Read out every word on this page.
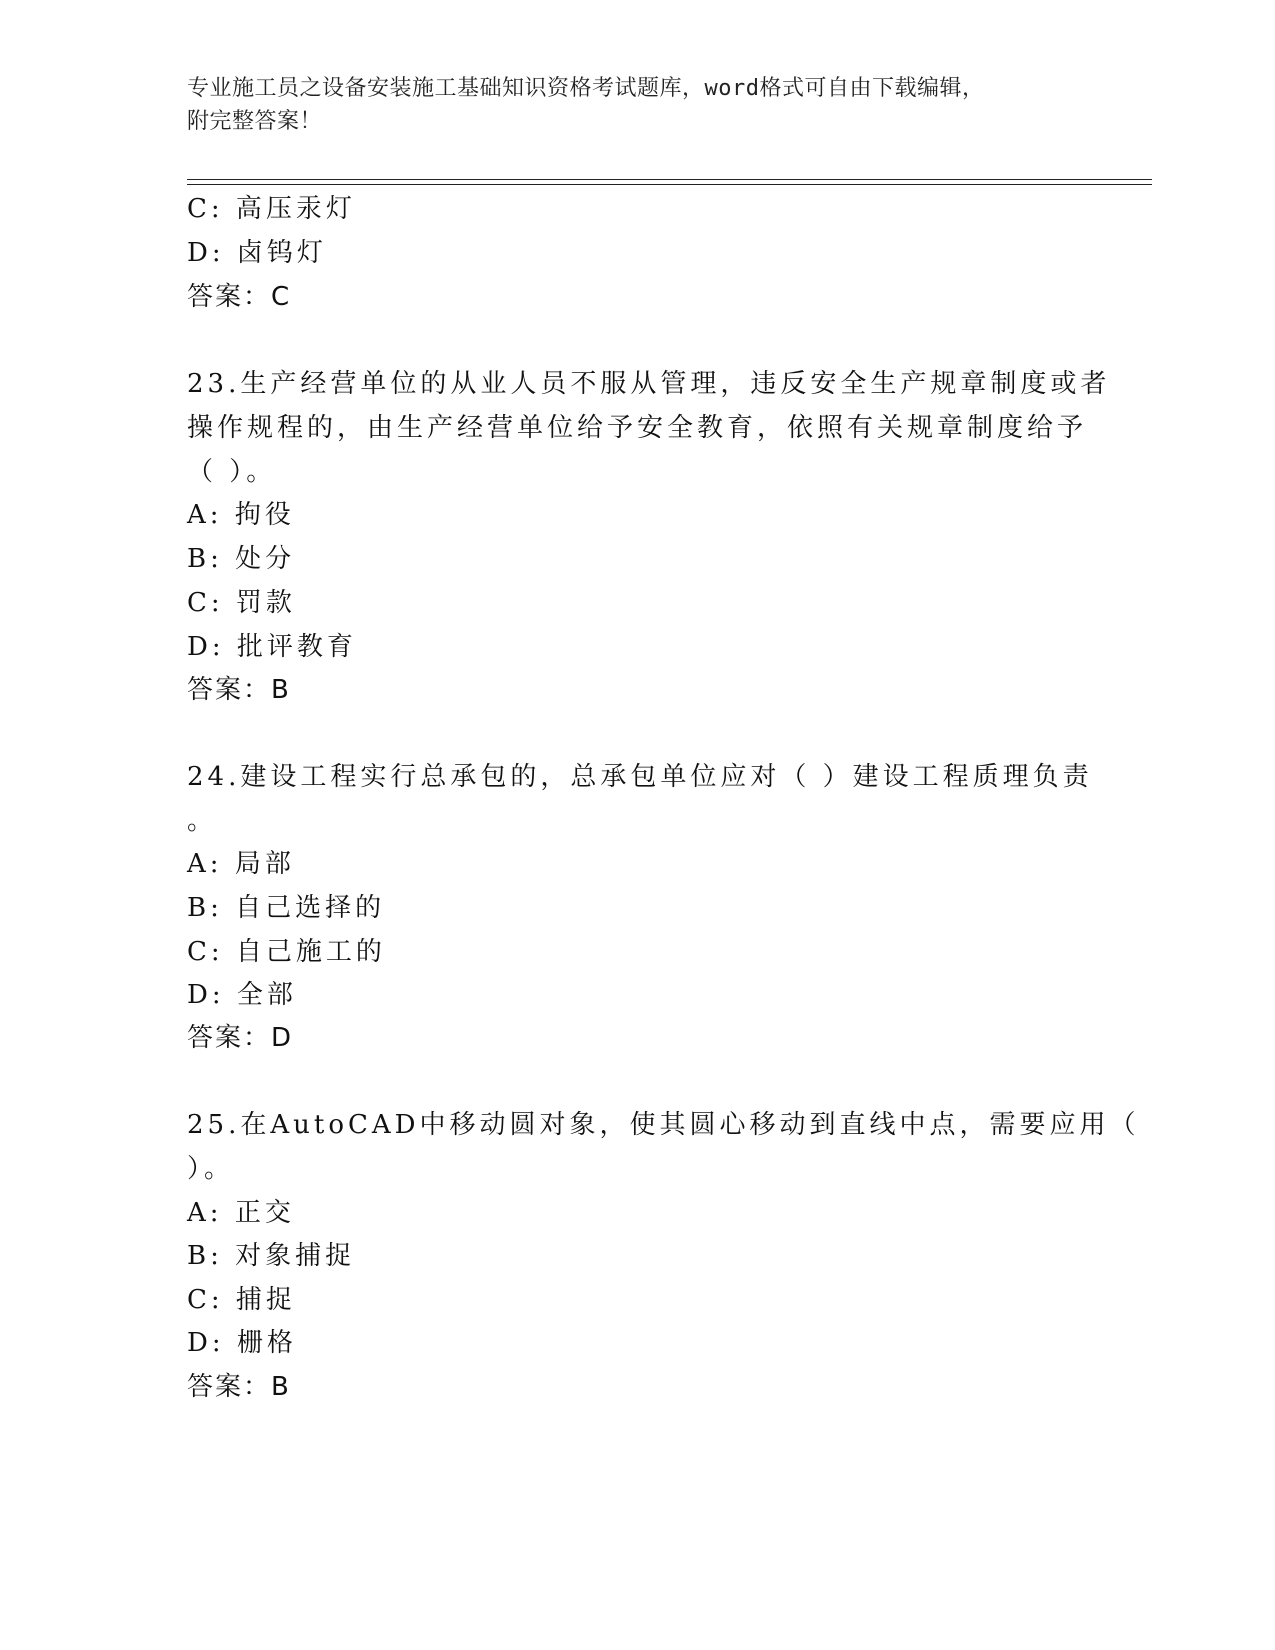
专业施工员之设备安装施工基础知识资格考试题库，word格式可自由下载编辑，
附完整答案！
C: 高压汞灯
D: 卤钨灯
答案：C
23.生产经营单位的从业人员不服从管理，违反安全生产规章制度或者
操作规程的，由生产经营单位给予安全教育，依照有关规章制度给予
（ ）。
A: 拘役
B: 处分
C: 罚款
D: 批评教育
答案：B
24.建设工程实行总承包的，总承包单位应对（ ）建设工程质理负责
。
A: 局部
B: 自己选择的
C: 自己施工的
D: 全部
答案：D
25.在AutoCAD中移动圆对象，使其圆心移动到直线中点，需要应用（
）。
A: 正交
B: 对象捕捉
C: 捕捉
D: 栅格
答案：B
